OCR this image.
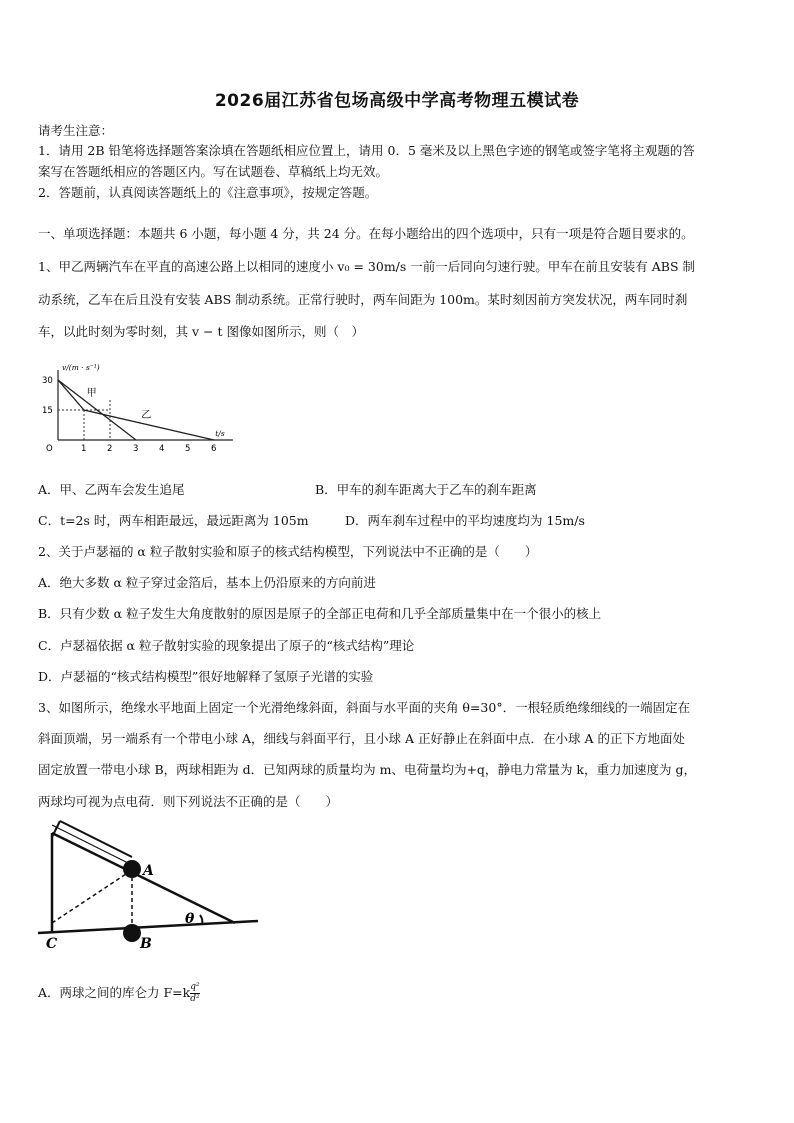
2026届江苏省包场高级中学高考物理五模试卷
请考生注意：
1．请用 2B 铅笔将选择题答案涂填在答题纸相应位置上，请用 0．5 毫米及以上黑色字迹的钢笔或签字笔将主观题的答
案写在答题纸相应的答题区内。写在试题卷、草稿纸上均无效。
2．答题前，认真阅读答题纸上的《注意事项》，按规定答题。
一、单项选择题：本题共 6 小题，每小题 4 分，共 24 分。在每小题给出的四个选项中，只有一项是符合题目要求的。
1、甲乙两辆汽车在平直的高速公路上以相同的速度小 v₀ = 30m/s 一前一后同向匀速行驶。甲车在前且安装有 ABS 制
动系统，乙车在后且没有安装 ABS 制动系统。正常行驶时，两车间距为 100m。某时刻因前方突发状况，两车同时刹
车，以此时刻为零时刻，其 v − t 图像如图所示，则（　）
甲
乙
30
15
O	1 2 3 4 5 6
v/(m · s⁻¹)
t/s
A．甲、乙两车会发生追尾	B．甲车的刹车距离大于乙车的刹车距离
C．t=2s 时，两车相距最远，最远距离为 105m	D．两车刹车过程中的平均速度均为 15m/s
2、关于卢瑟福的 α 粒子散射实验和原子的核式结构模型，下列说法中不正确的是（　　）
A．绝大多数 α 粒子穿过金箔后，基本上仍沿原来的方向前进
B．只有少数 α 粒子发生大角度散射的原因是原子的全部正电荷和几乎全部质量集中在一个很小的核上
C．卢瑟福依据 α 粒子散射实验的现象提出了原子的“核式结构”理论
D．卢瑟福的“核式结构模型”很好地解释了氢原子光谱的实验
3、如图所示，绝缘水平地面上固定一个光滑绝缘斜面，斜面与水平面的夹角 θ=30°．一根轻质绝缘细线的一端固定在
斜面顶端，另一端系有一个带电小球 A，细线与斜面平行，且小球 A 正好静止在斜面中点．在小球 A 的正下方地面处
固定放置一带电小球 B，两球相距为 d．已知两球的质量均为 m、电荷量均为+q，静电力常量为 k，重力加速度为 g，
两球均可视为点电荷．则下列说法不正确的是（　　）
A
B
C
θ
A．两球之间的库仑力 $F=k \frac{\text{q²}}{\text{d²}}$
